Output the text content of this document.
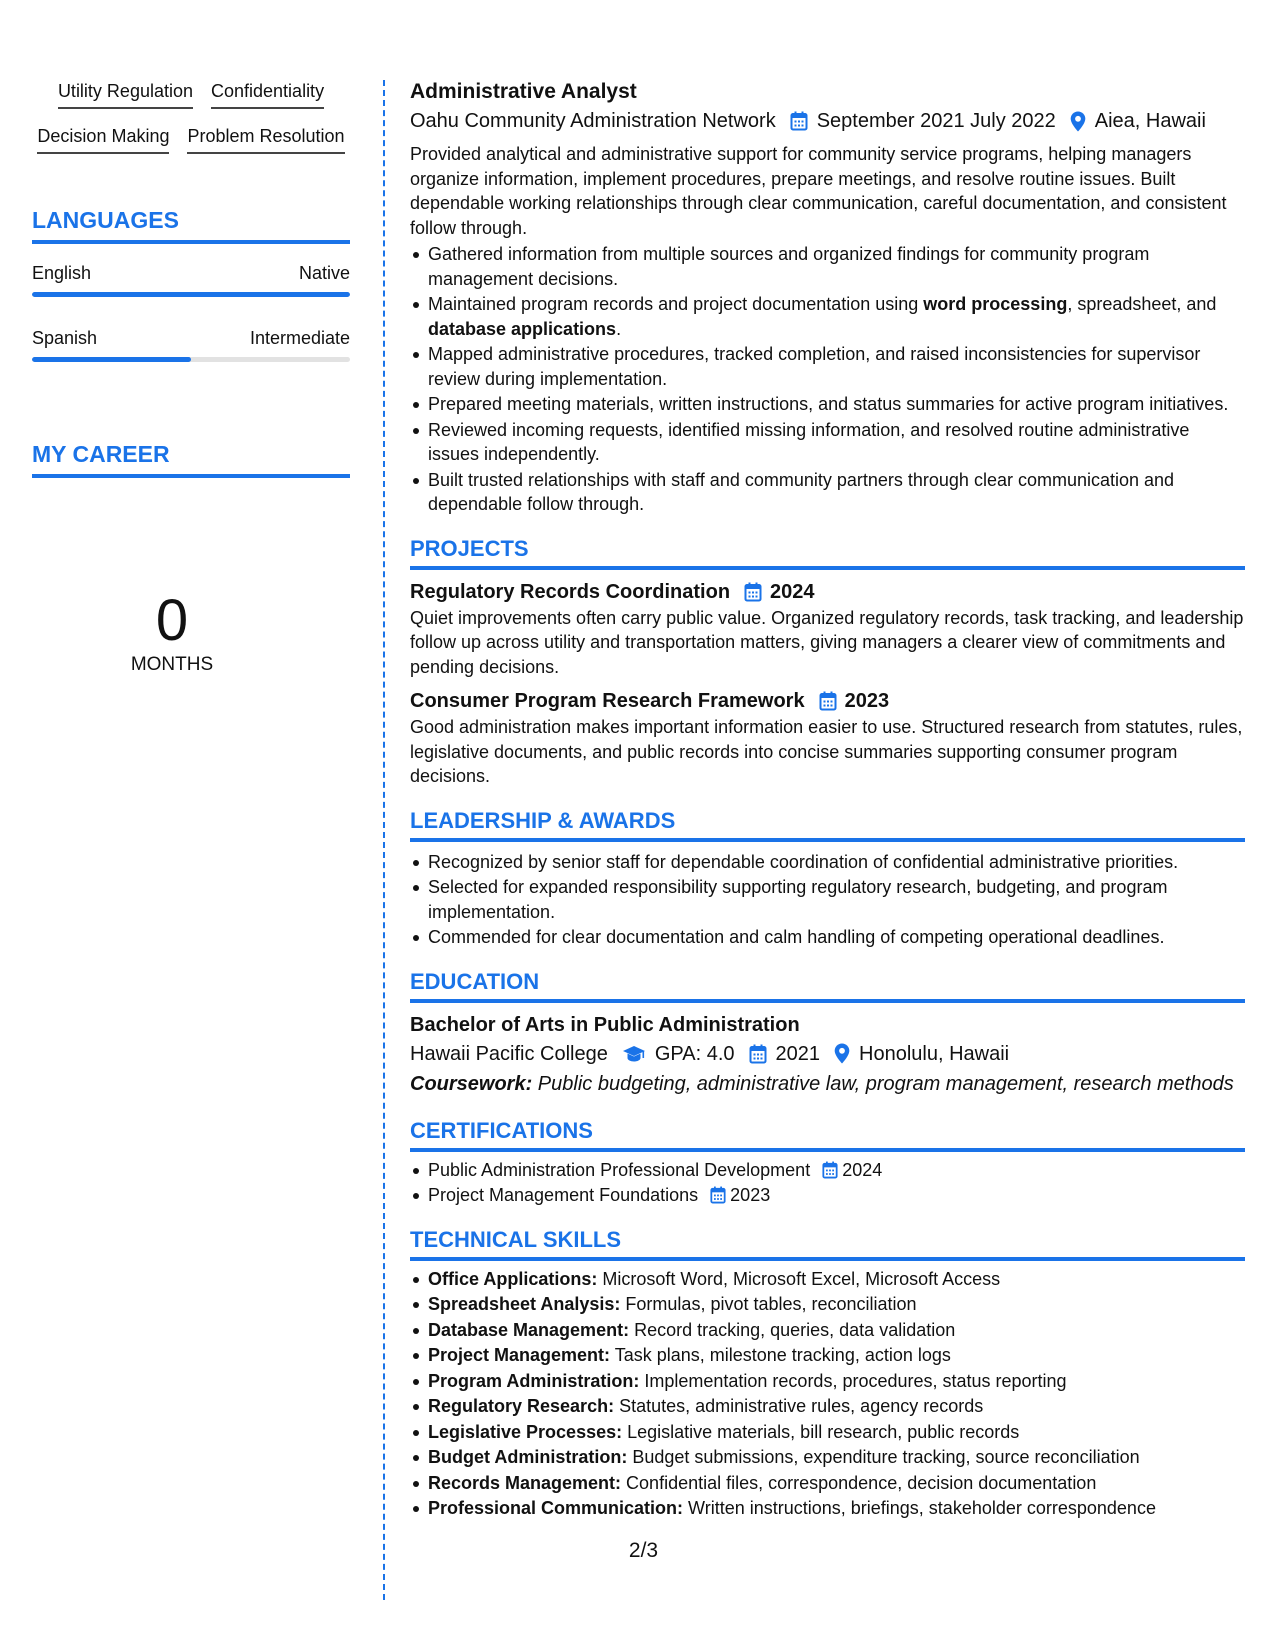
Utility Regulation Confidentiality
Decision Making Problem Resolution
LANGUAGES
English	Native
Spanish	Intermediate
MY CAREER
0
MONTHS
Administrative Analyst
Oahu Community Administration Network September 2021 July 2022 Aiea, Hawaii
Provided analytical and administrative support for community service programs, helping managers organize information, implement procedures, prepare meetings, and resolve routine issues. Built dependable working relationships through clear communication, careful documentation, and consistent follow through.
Gathered information from multiple sources and organized findings for community program management decisions.
Maintained program records and project documentation using word processing, spreadsheet, and database applications.
Mapped administrative procedures, tracked completion, and raised inconsistencies for supervisor review during implementation.
Prepared meeting materials, written instructions, and status summaries for active program initiatives.
Reviewed incoming requests, identified missing information, and resolved routine administrative issues independently.
Built trusted relationships with staff and community partners through clear communication and dependable follow through.
PROJECTS
Regulatory Records Coordination 2024
Quiet improvements often carry public value. Organized regulatory records, task tracking, and leadership follow up across utility and transportation matters, giving managers a clearer view of commitments and pending decisions.
Consumer Program Research Framework 2023
Good administration makes important information easier to use. Structured research from statutes, rules, legislative documents, and public records into concise summaries supporting consumer program decisions.
LEADERSHIP & AWARDS
Recognized by senior staff for dependable coordination of confidential administrative priorities.
Selected for expanded responsibility supporting regulatory research, budgeting, and program implementation.
Commended for clear documentation and calm handling of competing operational deadlines.
EDUCATION
Bachelor of Arts in Public Administration
Hawaii Pacific College GPA: 4.0 2021 Honolulu, Hawaii
Coursework: Public budgeting, administrative law, program management, research methods
CERTIFICATIONS
Public Administration Professional Development 2024
Project Management Foundations 2023
TECHNICAL SKILLS
Office Applications: Microsoft Word, Microsoft Excel, Microsoft Access
Spreadsheet Analysis: Formulas, pivot tables, reconciliation
Database Management: Record tracking, queries, data validation
Project Management: Task plans, milestone tracking, action logs
Program Administration: Implementation records, procedures, status reporting
Regulatory Research: Statutes, administrative rules, agency records
Legislative Processes: Legislative materials, bill research, public records
Budget Administration: Budget submissions, expenditure tracking, source reconciliation
Records Management: Confidential files, correspondence, decision documentation
Professional Communication: Written instructions, briefings, stakeholder correspondence
2/3
